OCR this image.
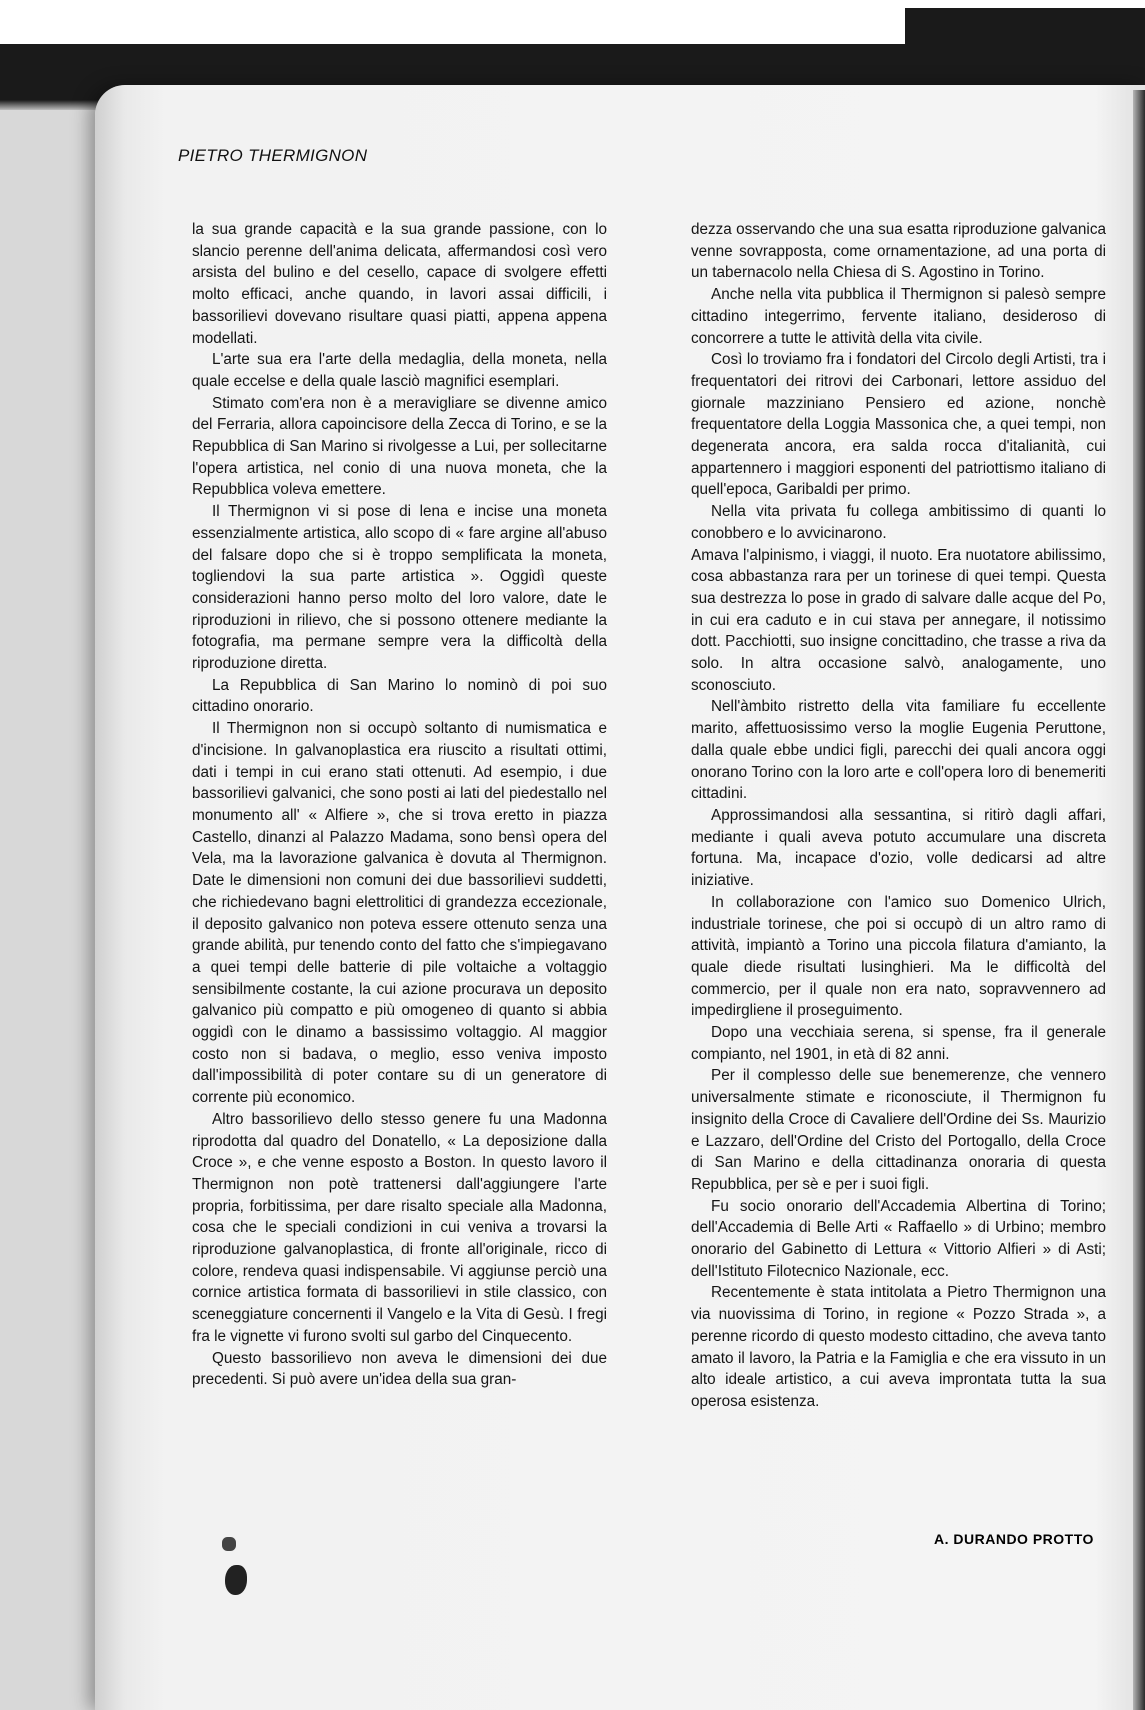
PIETRO THERMIGNON

la sua grande capacità e la sua grande passione, con lo slancio perenne dell'anima delicata, affermandosi così vero arsista del bulino e del cesello, capace di svolgere effetti molto efficaci, anche quando, in lavori assai difficili, i bassorilievi dovevano risultare quasi piatti, appena appena modellati.

L'arte sua era l'arte della medaglia, della moneta, nella quale eccelse e della quale lasciò magnifici esemplari.

Stimato com'era non è a meravigliare se divenne amico del Ferraria, allora capoincisore della Zecca di Torino, e se la Repubblica di San Marino si rivolgesse a Lui, per sollecitarne l'opera artistica, nel conio di una nuova moneta, che la Repubblica voleva emettere.

Il Thermignon vi si pose di lena e incise una moneta essenzialmente artistica, allo scopo di « fare argine all'abuso del falsare dopo che si è troppo semplificata la moneta, togliendovi la sua parte artistica ». Oggidì queste considerazioni hanno perso molto del loro valore, date le riproduzioni in rilievo, che si possono ottenere mediante la fotografia, ma permane sempre vera la difficoltà della riproduzione diretta.

La Repubblica di San Marino lo nominò di poi suo cittadino onorario.

Il Thermignon non si occupò soltanto di numismatica e d'incisione. In galvanoplastica era riuscito a risultati ottimi, dati i tempi in cui erano stati ottenuti. Ad esempio, i due bassorilievi galvanici, che sono posti ai lati del piedestallo nel monumento all' « Alfiere », che si trova eretto in piazza Castello, dinanzi al Palazzo Madama, sono bensì opera del Vela, ma la lavorazione galvanica è dovuta al Thermignon. Date le dimensioni non comuni dei due bassorilievi suddetti, che richiedevano bagni elettrolitici di grandezza eccezionale, il deposito galvanico non poteva essere ottenuto senza una grande abilità, pur tenendo conto del fatto che s'impiegavano a quei tempi delle batterie di pile voltaiche a voltaggio sensibilmente costante, la cui azione procurava un deposito galvanico più compatto e più omogeneo di quanto si abbia oggidì con le dinamo a bassissimo voltaggio. Al maggior costo non si badava, o meglio, esso veniva imposto dall'impossibilità di poter contare su di un generatore di corrente più economico.

Altro bassorilievo dello stesso genere fu una Madonna riprodotta dal quadro del Donatello, « La deposizione dalla Croce », e che venne esposto a Boston. In questo lavoro il Thermignon non potè trattenersi dall'aggiungere l'arte propria, forbitissima, per dare risalto speciale alla Madonna, cosa che le speciali condizioni in cui veniva a trovarsi la riproduzione galvanoplastica, di fronte all'originale, ricco di colore, rendeva quasi indispensabile. Vi aggiunse perciò una cornice artistica formata di bassorilievi in stile classico, con sceneggiature concernenti il Vangelo e la Vita di Gesù. I fregi fra le vignette vi furono svolti sul garbo del Cinquecento.

Questo bassorilievo non aveva le dimensioni dei due precedenti. Si può avere un'idea della sua gran-

dezza osservando che una sua esatta riproduzione galvanica venne sovrapposta, come ornamentazione, ad una porta di un tabernacolo nella Chiesa di S. Agostino in Torino.

Anche nella vita pubblica il Thermignon si palesò sempre cittadino integerrimo, fervente italiano, desideroso di concorrere a tutte le attività della vita civile.

Così lo troviamo fra i fondatori del Circolo degli Artisti, tra i frequentatori dei ritrovi dei Carbonari, lettore assiduo del giornale mazziniano Pensiero ed azione, nonchè frequentatore della Loggia Massonica che, a quei tempi, non degenerata ancora, era salda rocca d'italianità, cui appartennero i maggiori esponenti del patriottismo italiano di quell'epoca, Garibaldi per primo.

Nella vita privata fu collega ambitissimo di quanti lo conobbero e lo avvicinarono.

Amava l'alpinismo, i viaggi, il nuoto. Era nuotatore abilissimo, cosa abbastanza rara per un torinese di quei tempi. Questa sua destrezza lo pose in grado di salvare dalle acque del Po, in cui era caduto e in cui stava per annegare, il notissimo dott. Pacchiotti, suo insigne concittadino, che trasse a riva da solo. In altra occasione salvò, analogamente, uno sconosciuto.

Nell'àmbito ristretto della vita familiare fu eccellente marito, affettuosissimo verso la moglie Eugenia Peruttone, dalla quale ebbe undici figli, parecchi dei quali ancora oggi onorano Torino con la loro arte e coll'opera loro di benemeriti cittadini.

Approssimandosi alla sessantina, si ritirò dagli affari, mediante i quali aveva potuto accumulare una discreta fortuna. Ma, incapace d'ozio, volle dedicarsi ad altre iniziative.

In collaborazione con l'amico suo Domenico Ulrich, industriale torinese, che poi si occupò di un altro ramo di attività, impiantò a Torino una piccola filatura d'amianto, la quale diede risultati lusinghieri. Ma le difficoltà del commercio, per il quale non era nato, sopravvennero ad impedirgliene il proseguimento.

Dopo una vecchiaia serena, si spense, fra il generale compianto, nel 1901, in età di 82 anni.

Per il complesso delle sue benemerenze, che vennero universalmente stimate e riconosciute, il Thermignon fu insignito della Croce di Cavaliere dell'Ordine dei Ss. Maurizio e Lazzaro, dell'Ordine del Cristo del Portogallo, della Croce di San Marino e della cittadinanza onoraria di questa Repubblica, per sè e per i suoi figli.

Fu socio onorario dell'Accademia Albertina di Torino; dell'Accademia di Belle Arti « Raffaello » di Urbino; membro onorario del Gabinetto di Lettura « Vittorio Alfieri » di Asti; dell'Istituto Filotecnico Nazionale, ecc.

Recentemente è stata intitolata a Pietro Thermignon una via nuovissima di Torino, in regione « Pozzo Strada », a perenne ricordo di questo modesto cittadino, che aveva tanto amato il lavoro, la Patria e la Famiglia e che era vissuto in un alto ideale artistico, a cui aveva improntata tutta la sua operosa esistenza.

A. DURANDO PROTTO
